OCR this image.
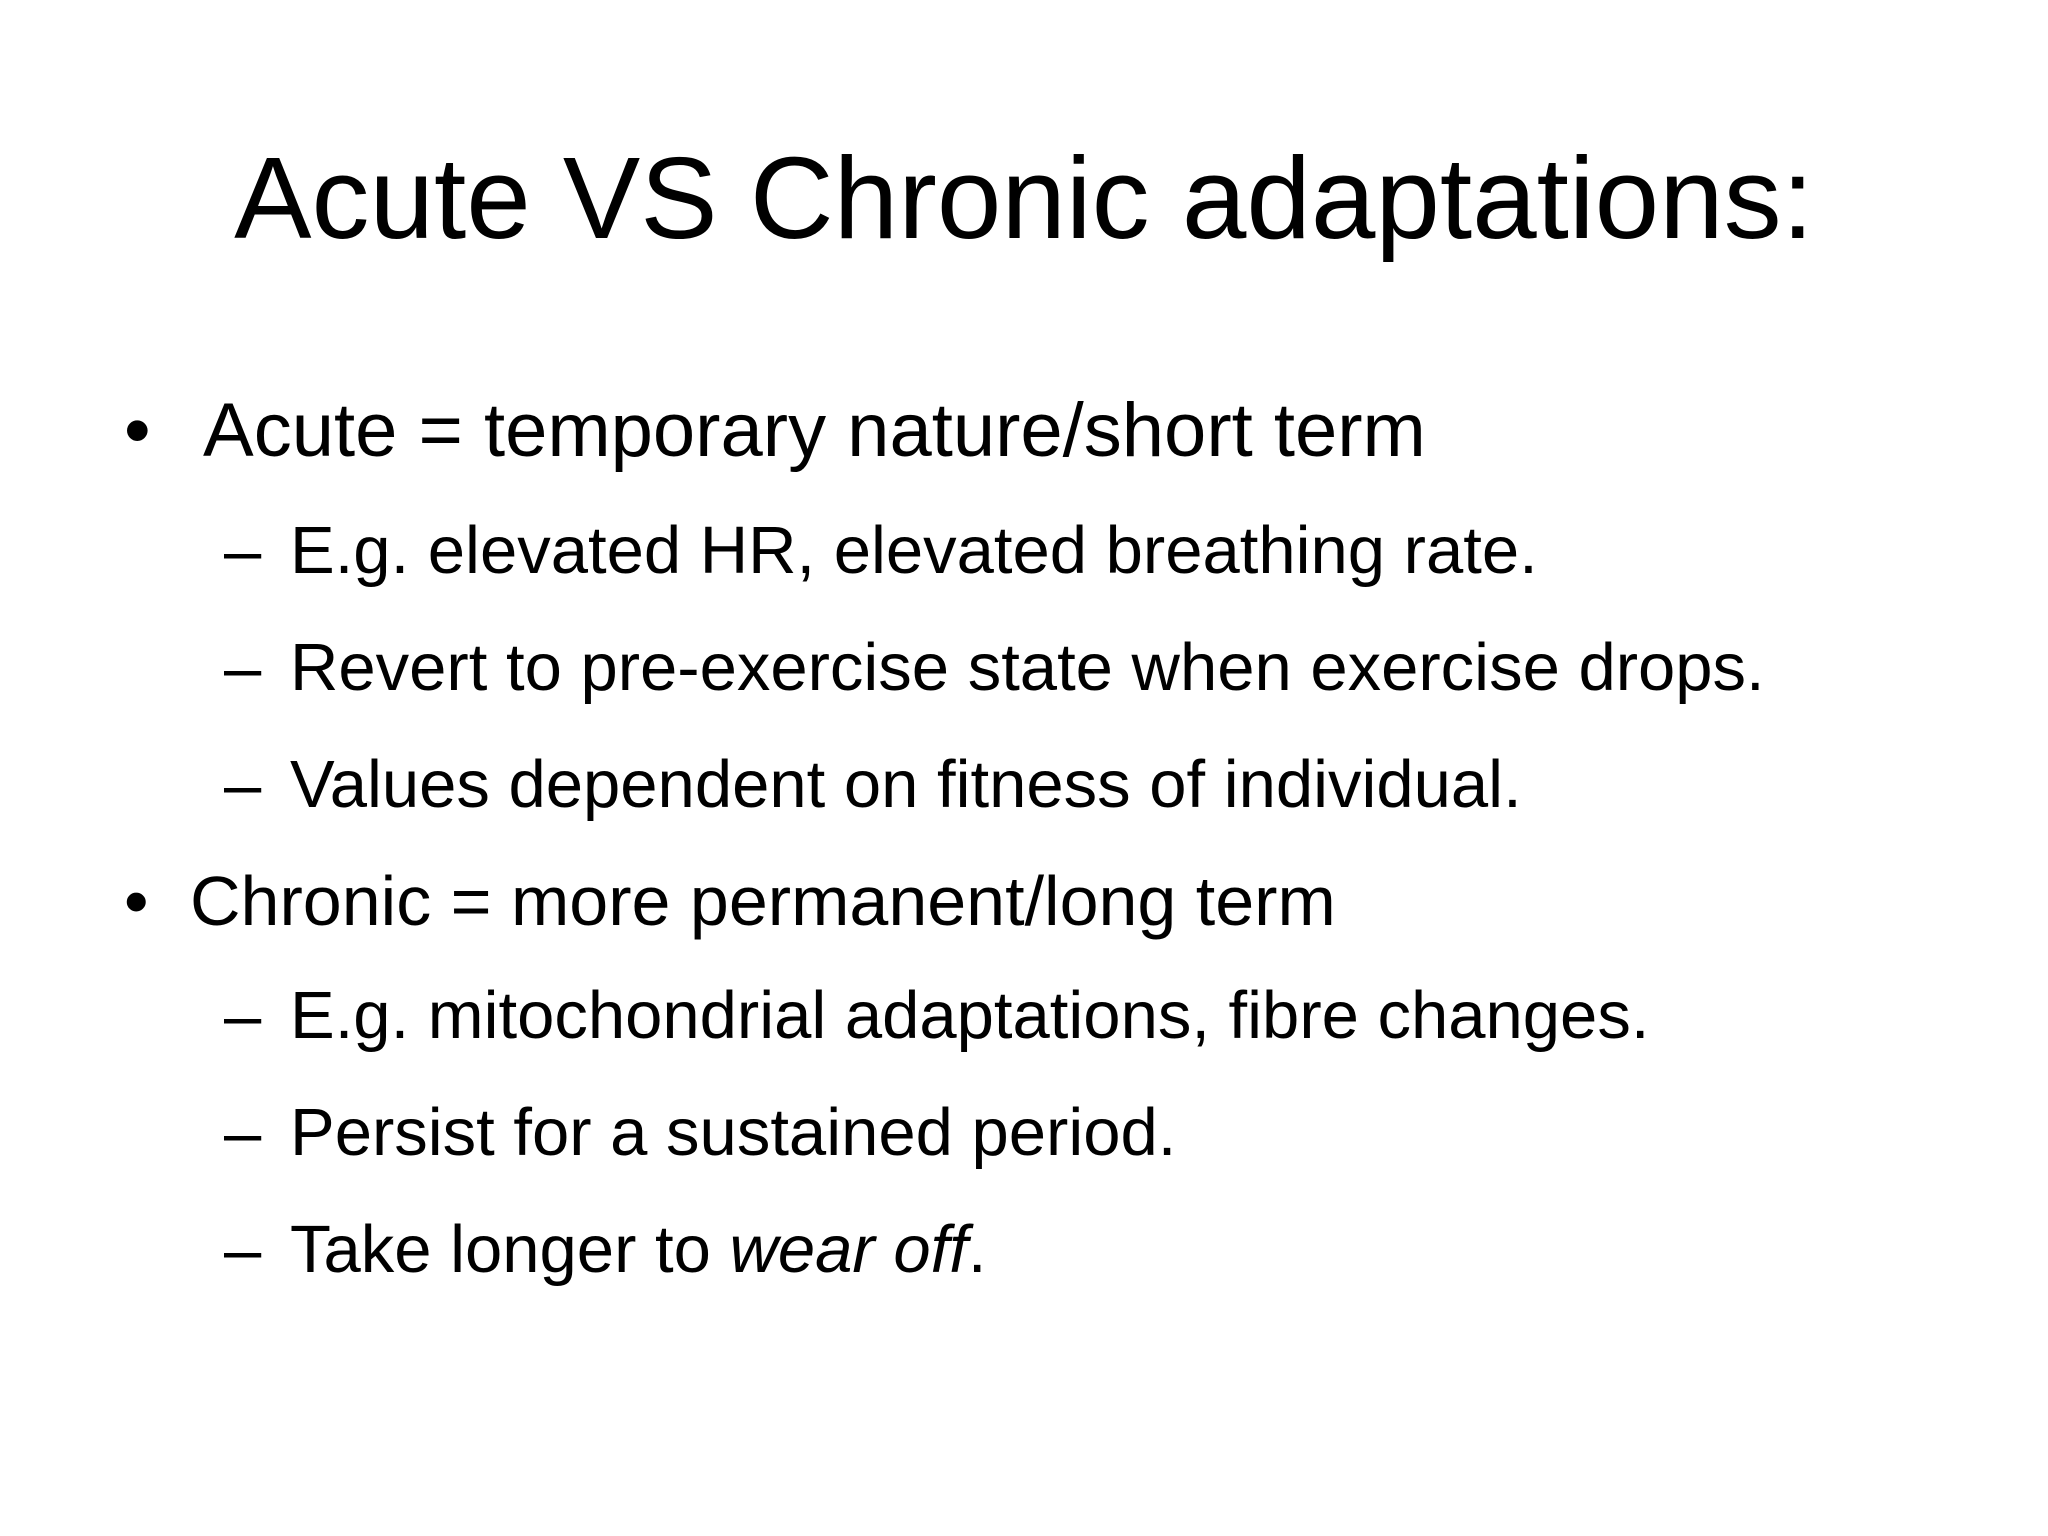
Acute VS Chronic adaptations:
• Acute = temporary nature/short term
– E.g. elevated HR, elevated breathing rate.
– Revert to pre-exercise state when exercise drops.
– Values dependent on fitness of individual.
• Chronic = more permanent/long term
– E.g. mitochondrial adaptations, fibre changes.
– Persist for a sustained period.
– Take longer to wear off.
